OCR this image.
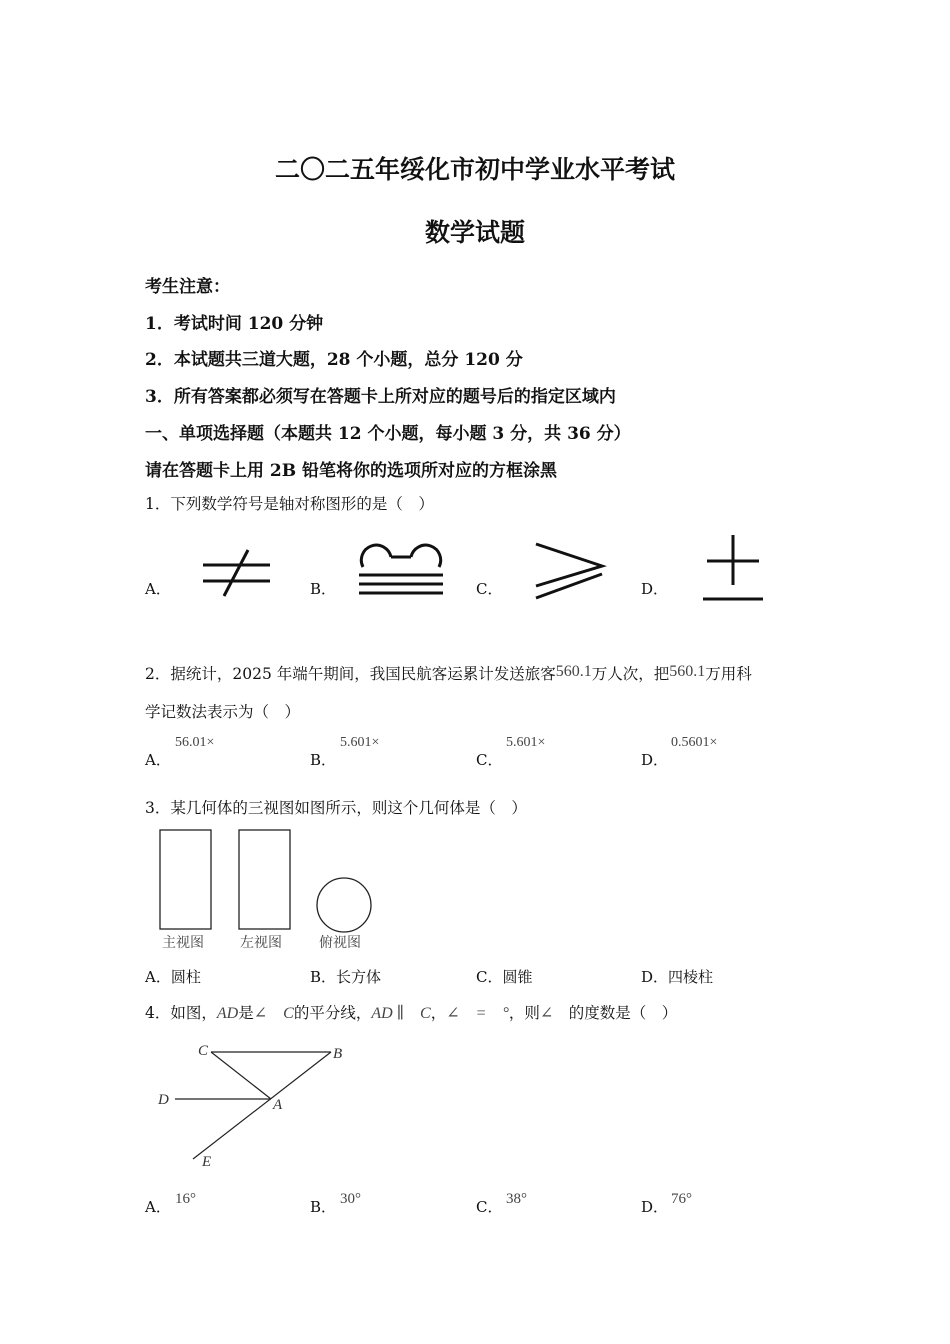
二〇二五年绥化市初中学业水平考试
数学试题
考生注意：
1．考试时间 120 分钟
2．本试题共三道大题，28 个小题，总分 120 分
3．所有答案都必须写在答题卡上所对应的题号后的指定区域内
一、单项选择题（本题共 12 个小题，每小题 3 分，共 36 分）
请在答题卡上用 2B 铅笔将你的选项所对应的方框涂黑
1．下列数学符号是轴对称图形的是（　）
A．	B．	C．	D．
2．据统计，2025 年端午期间，我国民航客运累计发送旅客560.1万人次，把560.1万用科
学记数法表示为（　）
A．
56.01×
B．
5.601×
C．
5.601×
D．
0.5601×
3．某几何体的三视图如图所示，则这个几何体是（　）
主视图	左视图	俯视图
A．圆柱	B．长方体	C．圆锥	D．四棱柱
4．如图，AD是∠　C的平分线，AD ∥　C，∠　=　°，则∠　的度数是（　）
C	B
D	A
E
A． 16°	B． 30°	C． 38°	D． 76°
